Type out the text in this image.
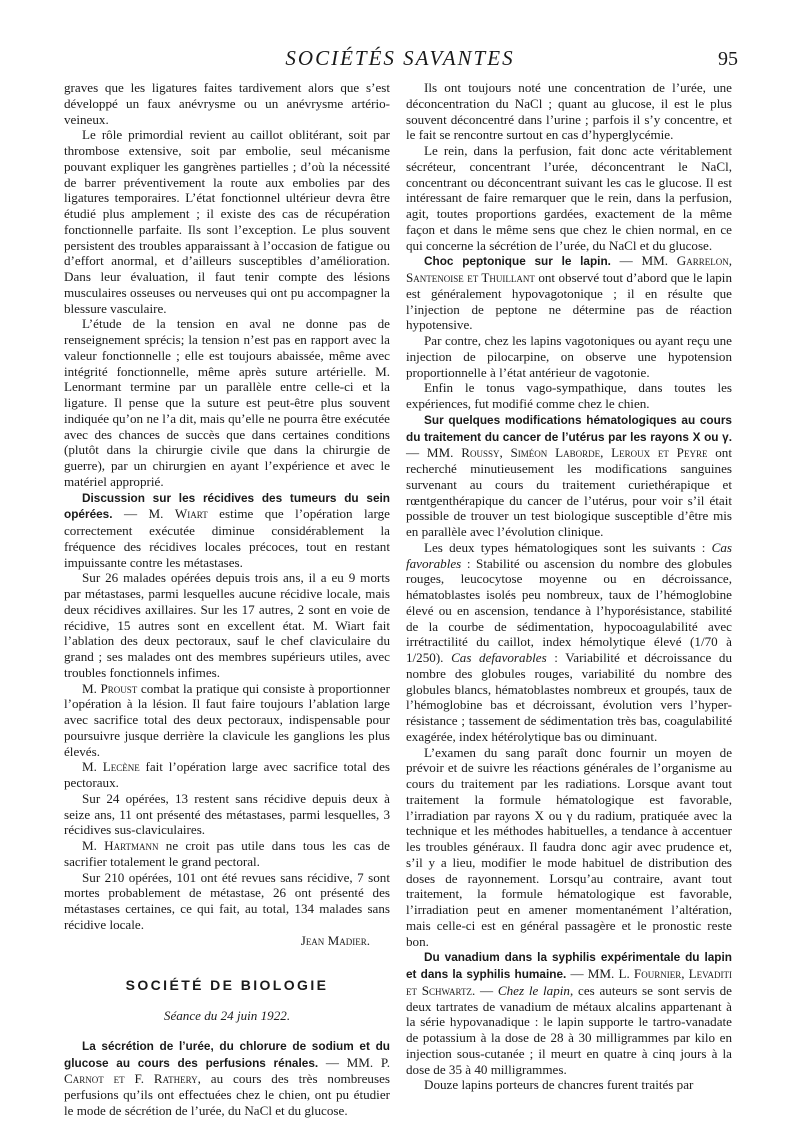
SOCIÉTÉS SAVANTES	95

graves que les ligatures faites tardivement alors que s’est développé un faux anévrysme ou un anévrysme artério-veineux.

Le rôle primordial revient au caillot oblitérant, soit par thrombose extensive, soit par embolie, seul mécanisme pouvant expliquer les gangrènes partielles ; d’où la nécessité de barrer préventivement la route aux embolies par des ligatures temporaires. L’état fonctionnel ultérieur devra être étudié plus amplement ; il existe des cas de récupération fonctionnelle parfaite. Ils sont l’exception. Le plus souvent persistent des troubles apparaissant à l’occasion de fatigue ou d’effort anormal, et d’ailleurs susceptibles d’amélioration. Dans leur évaluation, il faut tenir compte des lésions musculaires osseuses ou nerveuses qui ont pu accompagner la blessure vasculaire.

L’étude de la tension en aval ne donne pas de renseignement sprécis; la tension n’est pas en rapport avec la valeur fonctionnelle ; elle est toujours abaissée, même avec intégrité fonctionnelle, même après suture artérielle. M. Lenormant termine par un parallèle entre celle-ci et la ligature. Il pense que la suture est peut-être plus souvent indiquée qu’on ne l’a dit, mais qu’elle ne pourra être exécutée avec des chances de succès que dans certaines conditions (plutôt dans la chirurgie civile que dans la chirurgie de guerre), par un chirurgien en ayant l’expérience et avec le matériel approprié.

Discussion sur les récidives des tumeurs du sein opérées. — M. Wiart estime que l’opération large correctement exécutée diminue considérablement la fréquence des récidives locales précoces, tout en restant impuissante contre les métastases.

Sur 26 malades opérées depuis trois ans, il a eu 9 morts par métastases, parmi lesquelles aucune récidive locale, mais deux récidives axillaires. Sur les 17 autres, 2 sont en voie de récidive, 15 autres sont en excellent état. M. Wiart fait l’ablation des deux pectoraux, sauf le chef claviculaire du grand ; ses malades ont des membres supérieurs utiles, avec troubles fonctionnels infimes.

M. Proust combat la pratique qui consiste à proportionner l’opération à la lésion. Il faut faire toujours l’ablation large avec sacrifice total des deux pectoraux, indispensable pour poursuivre jusque derrière la clavicule les ganglions les plus élevés.

M. Lecène fait l’opération large avec sacrifice total des pectoraux.

Sur 24 opérées, 13 restent sans récidive depuis deux à seize ans, 11 ont présenté des métastases, parmi lesquelles, 3 récidives sus-claviculaires.

M. Hartmann ne croit pas utile dans tous les cas de sacrifier totalement le grand pectoral.

Sur 210 opérées, 101 ont été revues sans récidive, 7 sont mortes probablement de métastase, 26 ont présenté des métastases certaines, ce qui fait, au total, 134 malades sans récidive locale.

Jean Madier.

SOCIÉTÉ DE BIOLOGIE

Séance du 24 juin 1922.

La sécrétion de l’urée, du chlorure de sodium et du glucose au cours des perfusions rénales. — MM. P. Carnot et F. Rathery, au cours des très nombreuses perfusions qu’ils ont effectuées chez le chien, ont pu étudier le mode de sécrétion de l’urée, du NaCl et du glucose.

Ils ont toujours noté une concentration de l’urée, une déconcentration du NaCl ; quant au glucose, il est le plus souvent déconcentré dans l’urine ; parfois il s’y concentre, et le fait se rencontre surtout en cas d’hyperglycémie.

Le rein, dans la perfusion, fait donc acte véritablement sécréteur, concentrant l’urée, déconcentrant le NaCl, concentrant ou déconcentrant suivant les cas le glucose. Il est intéressant de faire remarquer que le rein, dans la perfusion, agit, toutes proportions gardées, exactement de la même façon et dans le même sens que chez le chien normal, en ce qui concerne la sécrétion de l’urée, du NaCl et du glucose.

Choc peptonique sur le lapin. — MM. Garrelon, Santenoise et Thuillant ont observé tout d’abord que le lapin est généralement hypovagotonique ; il en résulte que l’injection de peptone ne détermine pas de réaction hypotensive.

Par contre, chez les lapins vagotoniques ou ayant reçu une injection de pilocarpine, on observe une hypotension proportionnelle à l’état antérieur de vagotonie.

Enfin le tonus vago-sympathique, dans toutes les expériences, fut modifié comme chez le chien.

Sur quelques modifications hématologiques au cours du traitement du cancer de l’utérus par les rayons X ou γ. — MM. Roussy, Siméon Laborde, Leroux et Peyre ont recherché minutieusement les modifications sanguines survenant au cours du traitement curiethérapique et rœntgenthérapique du cancer de l’utérus, pour voir s’il était possible de trouver un test biologique susceptible d’être mis en parallèle avec l’évolution clinique.

Les deux types hématologiques sont les suivants : Cas favorables : Stabilité ou ascension du nombre des globules rouges, leucocytose moyenne ou en décroissance, hématoblastes isolés peu nombreux, taux de l’hémoglobine élevé ou en ascension, tendance à l’hyporésistance, stabilité de la courbe de sédimentation, hypocoagulabilité avec irrétractilité du caillot, index hémolytique élevé (1/70 à 1/250). Cas defavorables : Variabilité et décroissance du nombre des globules rouges, variabilité du nombre des globules blancs, hématoblastes nombreux et groupés, taux de l’hémoglobine bas et décroissant, évolution vers l’hyper-résistance ; tassement de sédimentation très bas, coagulabilité exagérée, index hétérolytique bas ou diminuant.

L’examen du sang paraît donc fournir un moyen de prévoir et de suivre les réactions générales de l’organisme au cours du traitement par les radiations. Lorsque avant tout traitement la formule hématologique est favorable, l’irradiation par rayons X ou γ du radium, pratiquée avec la technique et les méthodes habituelles, a tendance à accentuer les troubles généraux. Il faudra donc agir avec prudence et, s’il y a lieu, modifier le mode habituel de distribution des doses de rayonnement. Lorsqu’au contraire, avant tout traitement, la formule hématologique est favorable, l’irradiation peut en amener momentanément l’altération, mais celle-ci est en général passagère et le pronostic reste bon.

Du vanadium dans la syphilis expérimentale du lapin et dans la syphilis humaine. — MM. L. Fournier, Levaditi et Schwartz. — Chez le lapin, ces auteurs se sont servis de deux tartrates de vanadium de métaux alcalins appartenant à la série hypovanadique : le lapin supporte le tartro-vanadate de potassium à la dose de 28 à 30 milligrammes par kilo en injection sous-cutanée ; il meurt en quatre à cinq jours à la dose de 35 à 40 milligrammes.

Douze lapins porteurs de chancres furent traités par
